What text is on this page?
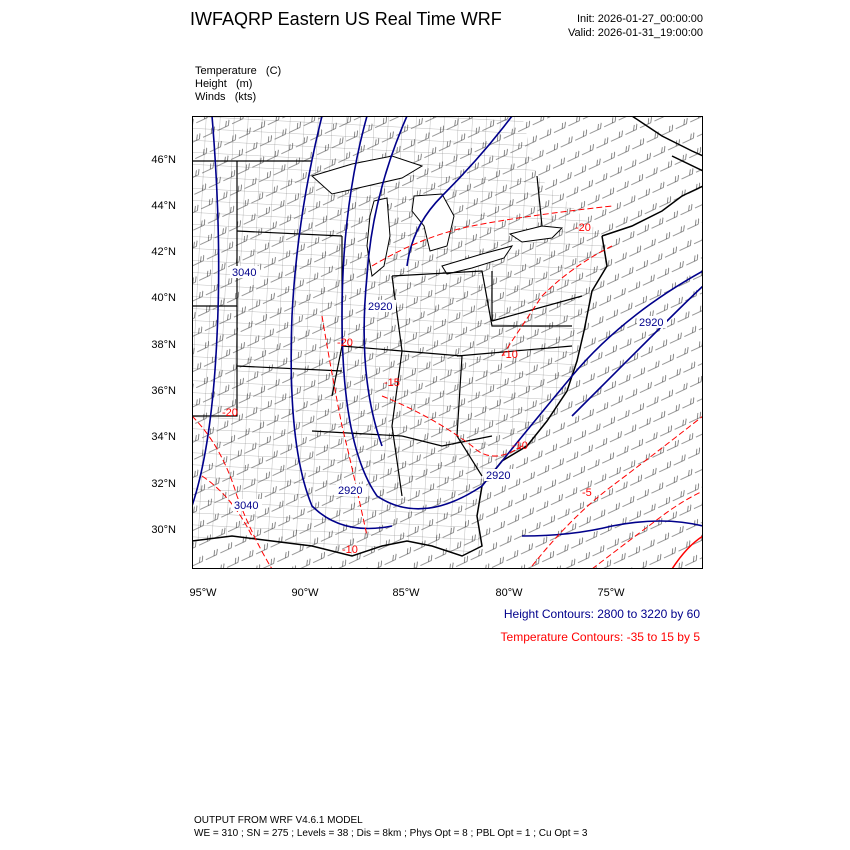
IWFAQRP Eastern US Real Time WRF	Init: 2026-01-27_00:00:00
Valid: 2026-01-31_19:00:00
Temperature   (C)
Height   (m)
Winds   (kts)
46°N
44°N
42°N
40°N
38°N
36°N
34°N
32°N
30°N
95°W	90°W	85°W	80°W	75°W
3040
2920
2920
3040
2920
2920
-20
-20
-10
-15
-20
-10
-5
-10
Height Contours: 2800 to 3220 by 60
Temperature Contours: -35 to 15 by 5
OUTPUT FROM WRF V4.6.1 MODEL
WE = 310 ; SN = 275 ; Levels = 38 ; Dis = 8km ; Phys Opt = 8 ; PBL Opt = 1 ; Cu Opt = 3
